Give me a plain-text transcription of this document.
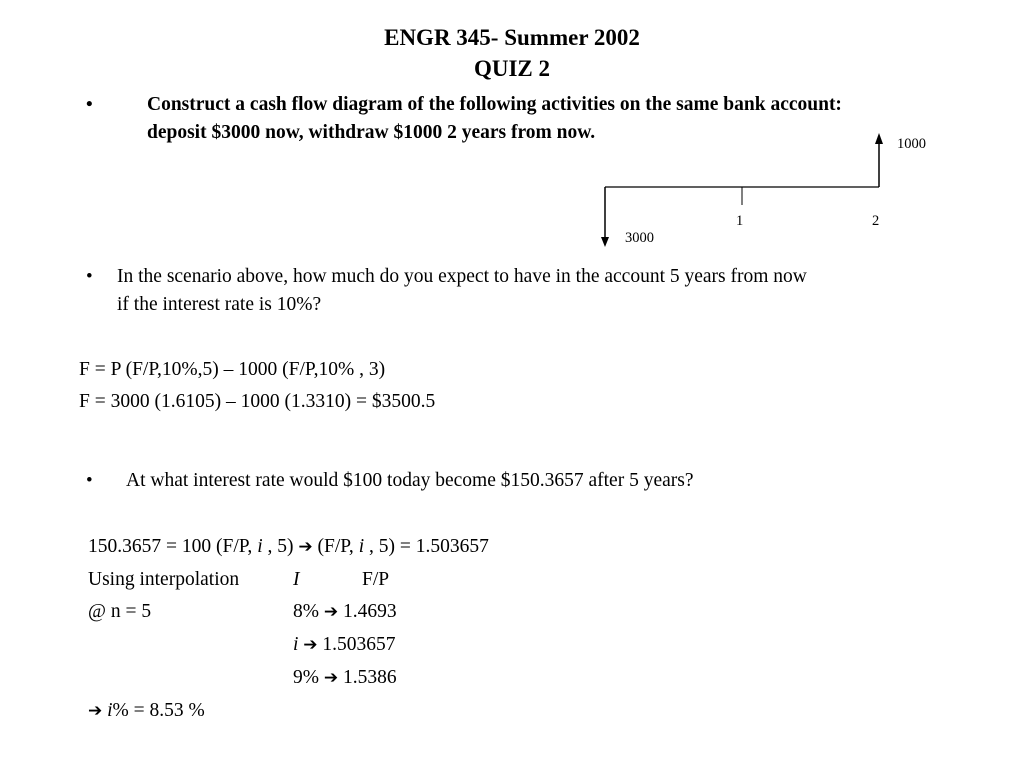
ENGR 345- Summer 2002
QUIZ 2
•	Construct a cash flow diagram of the following activities on the same bank account:
deposit $3000 now, withdraw $1000 2 years from now.
1000
3000
1	2
• In the scenario above, how much do you expect to have in the account 5 years from now
if the interest rate is 10%?
F = P (F/P,10%,5) – 1000 (F/P,10% , 3)
F = 3000 (1.6105) – 1000 (1.3310) = $3500.5
• At what interest rate would $100 today become $150.3657 after 5 years?
150.3657 = 100 (F/P, i , 5) ➔ (F/P, i , 5) = 1.503657
Using interpolation	I	F/P
@ n = 5	8% ➔ 1.4693
i ➔ 1.503657
9% ➔ 1.5386
➔ i% = 8.53 %
